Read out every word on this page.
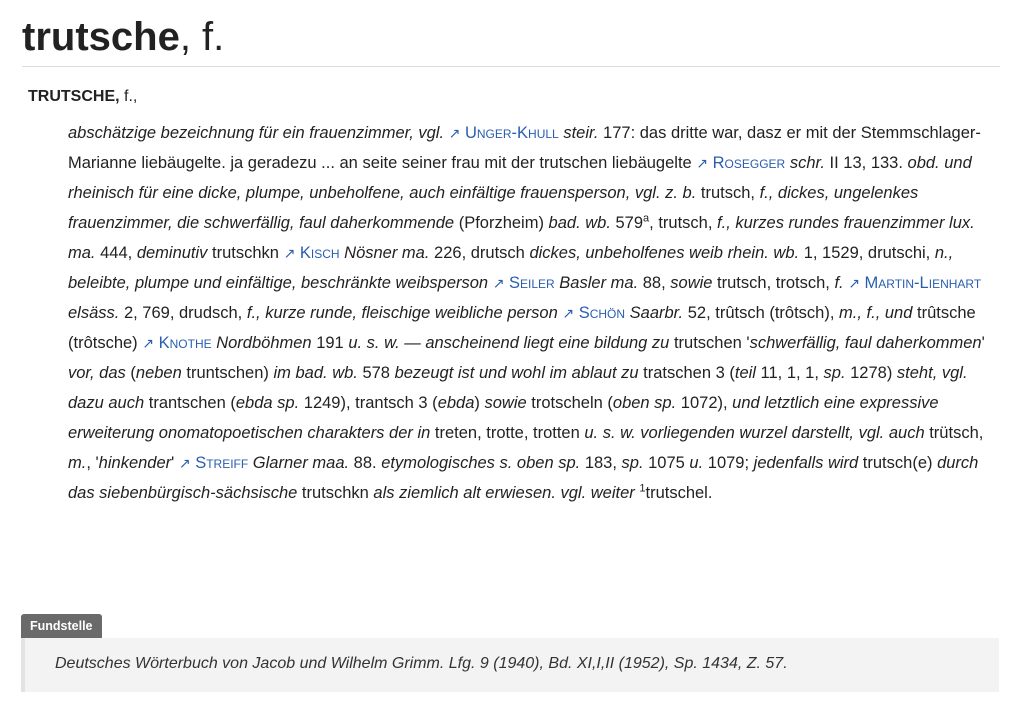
trutsche, f.
TRUTSCHE, f.,
abschätzige bezeichnung für ein frauenzimmer, vgl. ↗ Unger-Khull steir. 177: das dritte war, dasz er mit der Stemmschlager-Marianne liebäugelte. ja geradezu ... an seite seiner frau mit der trutschen liebäugelte ↗ Rosegger schr. II 13, 133. obd. und rheinisch für eine dicke, plumpe, unbeholfene, auch einfältige frauensperson, vgl. z. b. trutsch, f., dickes, ungelenkes frauenzimmer, die schwerfällig, faul daherkommende (Pforzheim) bad. wb. 579$^a$, trutsch, f., kurzes rundes frauenzimmer lux. ma. 444, deminutiv trutschkn ↗ Kisch Nösner ma. 226, drutsch dickes, unbeholfenes weib rhein. wb. 1, 1529, drutschi, n., beleibte, plumpe und einfältige, beschränkte weibsperson ↗ Seiler Basler ma. 88, sowie trutsch, trotsch, f. ↗ Martin-Lienhart elsäss. 2, 769, drudsch, f., kurze runde, fleischige weibliche person ↗ Schön Saarbr. 52, trûtsch (trôtsch), m., f., und trûtsche (trôtsche) ↗ Knothe Nordböhmen 191 u. s. w. — anscheinend liegt eine bildung zu trutschen 'schwerfällig, faul daherkommen' vor, das (neben truntschen) im bad. wb. 578 bezeugt ist und wohl im ablaut zu tratschen 3 (teil 11, 1, 1, sp. 1278) steht, vgl. dazu auch trantschen (ebda sp. 1249), trantsch 3 (ebda) sowie trotscheln (oben sp. 1072), und letztlich eine expressive erweiterung onomatopoetischen charakters der in treten, trotte, trotten u. s. w. vorliegenden wurzel darstellt, vgl. auch trütsch, m., 'hinkender' ↗ Streiff Glarner maa. 88. etymologisches s. oben sp. 183, sp. 1075 u. 1079; jedenfalls wird trutsch(e) durch das siebenbürgisch-sächsische trutschkn als ziemlich alt erwiesen. vgl. weiter $^1$trutschel.
Fundstelle
Deutsches Wörterbuch von Jacob und Wilhelm Grimm. Lfg. 9 (1940), Bd. XI,I,II (1952), Sp. 1434, Z. 57.
